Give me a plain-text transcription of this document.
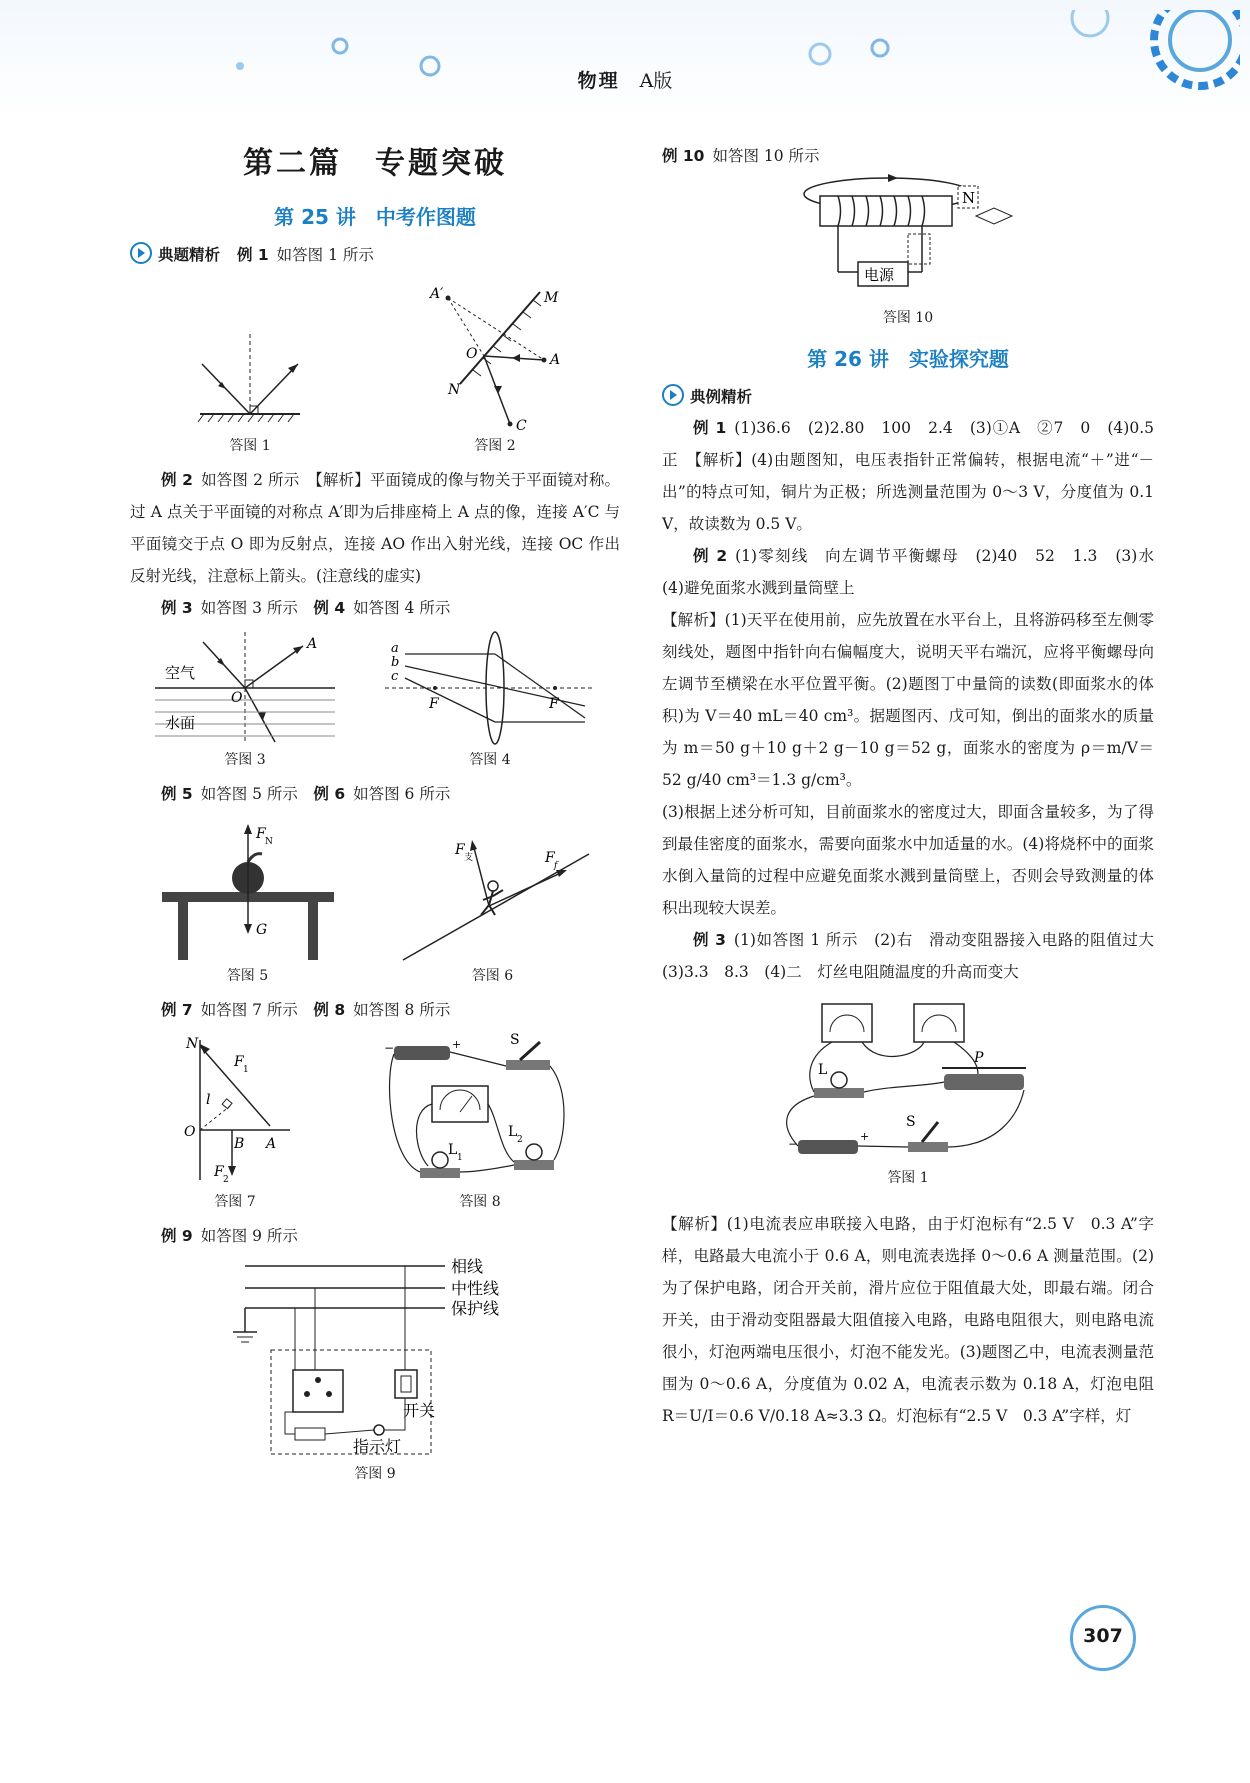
物理 A版
第二篇　专题突破
第 25 讲　中考作图题
典题精析 例 1 如答图 1 所示
答图 1
A′	M
O	A
N
C
答图 2

例 2 如答图 2 所示　【解析】平面镜成的像与物关于平面镜对称。过 A 点关于平面镜的对称点 A′即为后排座椅上 A 点的像，连接 A′C 与平面镜交于点 O 即为反射点，连接 AO 作出入射光线，连接 OC 作出反射光线，注意标上箭头。(注意线的虚实)

例 3 如答图 3 所示　 例 4 如答图 4 所示

空气
水面
A
O
答图 3
a
b
c
F	F
答图 4

例 5 如答图 5 所示　 例 6 如答图 6 所示

F N
G
答图 5
F 支	F f
答图 6

例 7 如答图 7 所示　 例 8 如答图 8 所示

N
F 1
l
O
B A
F 2
答图 7
+
−	S
L 1
L 2
答图 8

例 9 如答图 9 所示

相线
中性线
保护线
开关
指示灯
答图 9

例 10 如答图 10 所示

N
电源
答图 10
第 26 讲　实验探究题
典例精析

例 1 (1)36.6　(2)2.80　100　2.4　(3)①A　②7　0　(4)0.5　正　【解析】(4)由题图知，电压表指针正常偏转，根据电流“＋”进“－出”的特点可知，铜片为正极；所选测量范围为 0～3 V，分度值为 0.1 V，故读数为 0.5 V。

例 2 (1)零刻线　向左调节平衡螺母　(2)40　52　1.3　(3)水　(4)避免面浆水溅到量筒壁上

【解析】(1)天平在使用前，应先放置在水平台上，且将游码移至左侧零刻线处，题图中指针向右偏幅度大，说明天平右端沉，应将平衡螺母向左调节至横梁在水平位置平衡。(2)题图丁中量筒的读数(即面浆水的体积)为 V＝40 mL＝40 cm³。据题图丙、戊可知，倒出的面浆水的质量为 m＝50 g＋10 g＋2 g－10 g＝52 g，面浆水的密度为 ρ＝m/V＝52 g/40 cm³＝1.3 g/cm³。

(3)根据上述分析可知，目前面浆水的密度过大，即面含量较多，为了得到最佳密度的面浆水，需要向面浆水中加适量的水。(4)将烧杯中的面浆水倒入量筒的过程中应避免面浆水溅到量筒壁上，否则会导致测量的体积出现较大误差。

例 3 (1)如答图 1 所示　(2)右　滑动变阻器接入电路的阻值过大　(3)3.3　8.3　(4)二　灯丝电阻随温度的升高而变大

L
P
−
+
S
答图 1

【解析】(1)电流表应串联接入电路，由于灯泡标有“2.5 V　0.3 A”字样，电路最大电流小于 0.6 A，则电流表选择 0～0.6 A 测量范围。(2)为了保护电路，闭合开关前，滑片应位于阻值最大处，即最右端。闭合开关，由于滑动变阻器最大阻值接入电路，电路电阻很大，则电路电流很小，灯泡两端电压很小，灯泡不能发光。(3)题图乙中，电流表测量范围为 0～0.6 A，分度值为 0.02 A，电流表示数为 0.18 A，灯泡电阻 R＝U/I＝0.6 V/0.18 A≈3.3 Ω。灯泡标有“2.5 V　0.3 A”字样，灯

307
